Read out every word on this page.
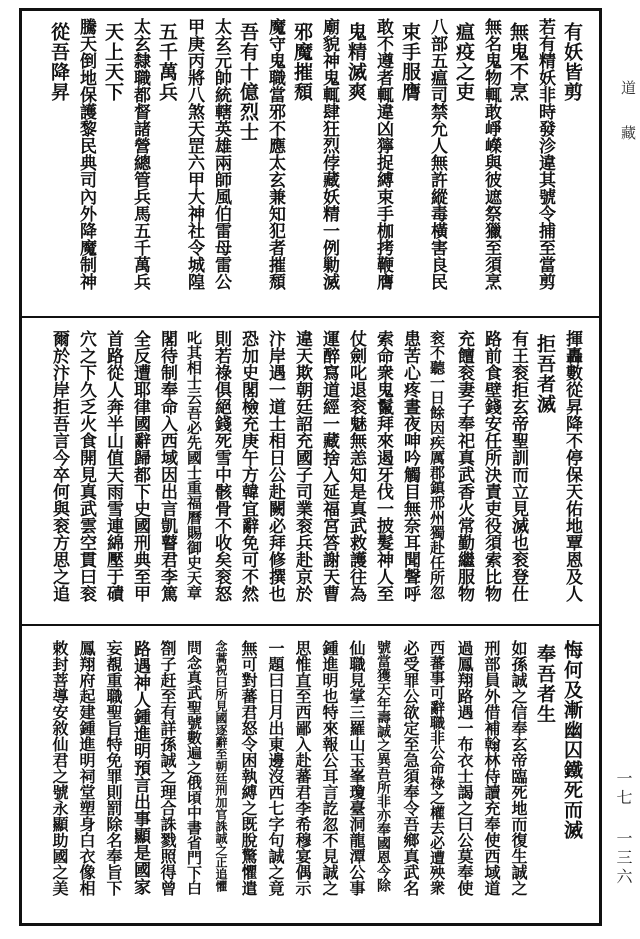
道
藏
一七 一三六
有妖皆剪
若有精妖非時發沴違其號令捕至當剪
無鬼不烹
無名鬼物輒敢崢嶸與彼遮祭獵至須烹
瘟疫之吏
八部五瘟司禁允人無許縱毒橫害良民
束手服膺
敢不遵者輒違凶獰捉縛束手枷拷鞭膺
鬼精滅爽
廟貌神鬼輒肆狂烈侼藏妖精一例勦滅
邪魔摧頹
魔守鬼職當邪不應太玄兼知犯者摧頹
吾有十億烈士
太玄元帥統轄英雄兩師風伯雷母雷公
甲庚丙將八煞天罡六甲大神社令城隍
五千萬兵
太玄隸職都督諸營總管兵馬五千萬兵
天上天下
騰天倒地保護黎民典司內外降魔制神
從吾降昇
揮轟數從昇降不停保天佑地覃恩及人
拒吾者滅
有王衮拒玄帝聖訓而立見滅也衮登仕
路前食壁錢安任所決責吏役須索比物
充饘衮妻子奉祀真武香火常勤繼服物
衮不聽一日餘因疾厲郡鎮邢州獨赴任所忽
患苦心疼晝夜呻吟觸目無奈耳聞聲呼
索命衆鬼鬣拜來遏牙伐一披髮神人至
仗劍叱退衮魅無恙知是真武救護往為
運醉寫道經一藏捨入延福宮答謝天曹
違天欺朝廷詔充國子司業衮兵赴京於
汴岸遇一道士相日公赴闕必拜修撰也
恐加史閣檢充庚午方韓宜辭免可不然
則若祿俱絕錢死雪中骸骨不收矣衮怒
叱其相士云吾必先國士重福曆賜御史天章
閣待制奉命入西域因出言凱瞽君李篤
全反遭耶律國辭歸都下史國刑典至甲
首路從人奔半山值天雨雪連綿壓于磧
穴之下久乏火食開見真武雲空貫曰衮
爾於汴岸拒吾言今卒何與衮方思之追
悔何及漸幽囚鐵死而滅
奉吾者生
如孫誠之信奉玄帝臨死地而復生誠之
刑部員外借補翰林侍讀充奉使西域道
過鳳翔路遇一布衣士謁之曰公莫奉使
西蕃事可辭職非公命祿之權去必遭殃衆
必受罪公欲定至急須奉令吾鄉真武名
號當獲天年壽誠之異吾所非亦奉國恩今除
仙職見掌三羅山玉峯瓊臺洞龍潭公事
鍾進明也特來報公耳言訖忽不見誠之
思惟直至西鄙入赴蕃君李希穆宴偶示
一題曰日月出東邊沒西七字句誠之竟
無可對蕃君怒令困執縛之既脫驚懼遣
念蒿祝曰所見國逐辭至朝廷刑加官誅誠之正追懼
問念真武聖號數遍之俄頃中書省門下白
劄子赶至有詳孫誠之理合誅戮照得曾
路遇神人鍾進明預言出事顯是國家
妄覩重職聖旨特免罪則罰除名奉旨下
鳳翔府起建鍾進明祠堂塑身白衣像相
敕封菩導安敘仙君之號永顯助國之美
